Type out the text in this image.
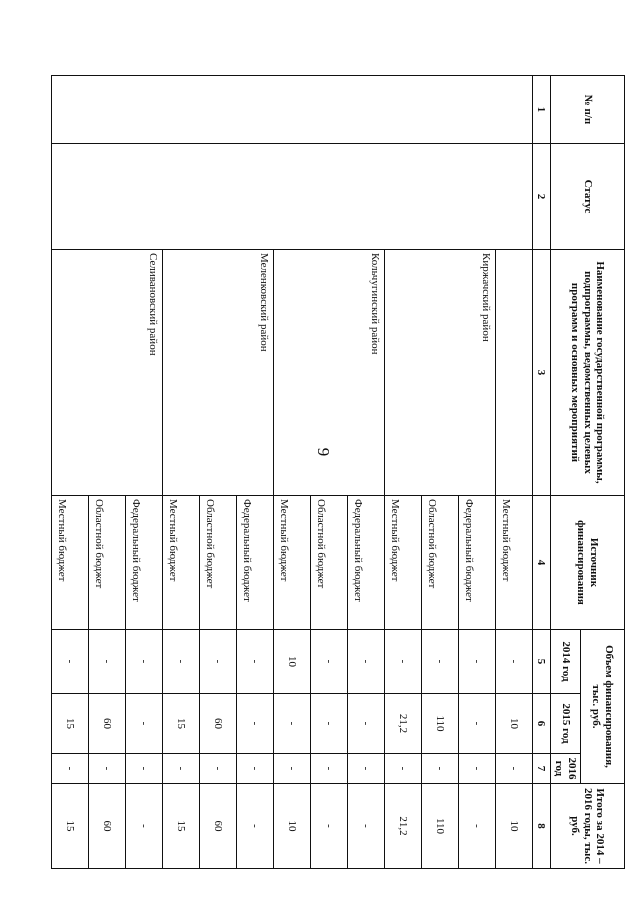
9
№ п/п	Статус	Наименование государственной программы, подпрограммы, ведомственных целевых программ и основных мероприятий	Источник финансирования	Объем финансирования, тыс. руб.			Итого за 2014 – 2016 годы, тыс. руб.
				2014 год	2015 год	2016 год	
1	2	3	4	5	6	7	8
			Местный бюджет	-	10	-	10
		Киржачский район	Федеральный бюджет	-	-	-	-
			Областной бюджет	-	110	-	110
			Местный бюджет	-	21,2	-	21,2
		Кольчугинский район	Федеральный бюджет	-	-	-	-
			Областной бюджет	-	-	-	-
			Местный бюджет	10	-	-	10
		Меленковский район	Федеральный бюджет	-	-	-	-
			Областной бюджет	-	60	-	60
			Местный бюджет	-	15	-	15
		Селивановский район	Федеральный бюджет	-	-	-	-
			Областной бюджет	-	60	-	60
			Местный бюджет	-	15	-	15
